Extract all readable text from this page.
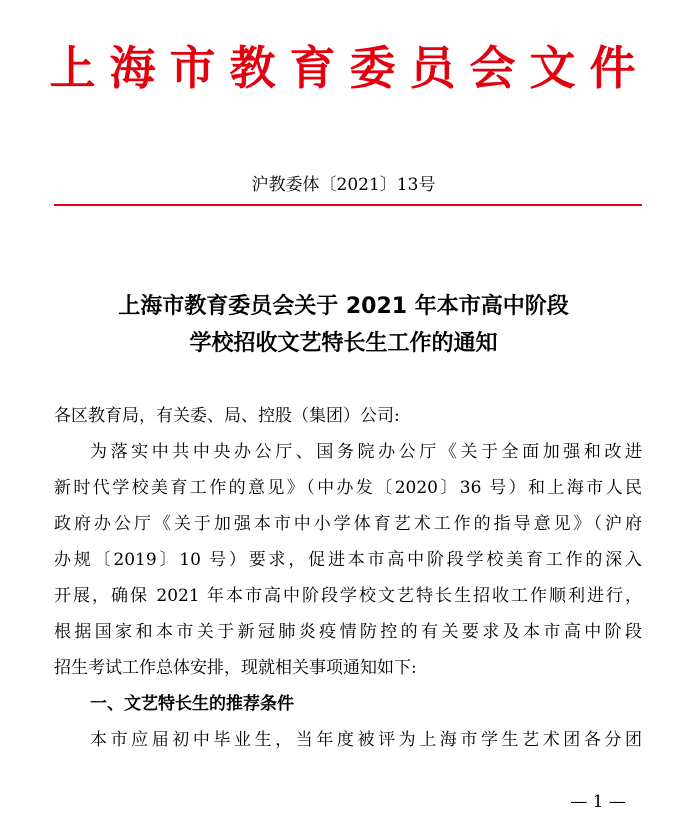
上海市教育委员会文件
沪教委体〔2021〕13号
上海市教育委员会关于 2021 年本市高中阶段
学校招收文艺特长生工作的通知
各区教育局，有关委、局、控股（集团）公司:
为落实中共中央办公厅、国务院办公厅《关于全面加强和改进
新时代学校美育工作的意见》（中办发〔2020〕36 号）和上海市人民
政府办公厅《关于加强本市中小学体育艺术工作的指导意见》（沪府
办规〔2019〕10 号）要求，促进本市高中阶段学校美育工作的深入
开展，确保 2021 年本市高中阶段学校文艺特长生招收工作顺利进行，
根据国家和本市关于新冠肺炎疫情防控的有关要求及本市高中阶段
招生考试工作总体安排，现就相关事项通知如下:
一、文艺特长生的推荐条件
本市应届初中毕业生，当年度被评为上海市学生艺术团各分团
— 1 —
